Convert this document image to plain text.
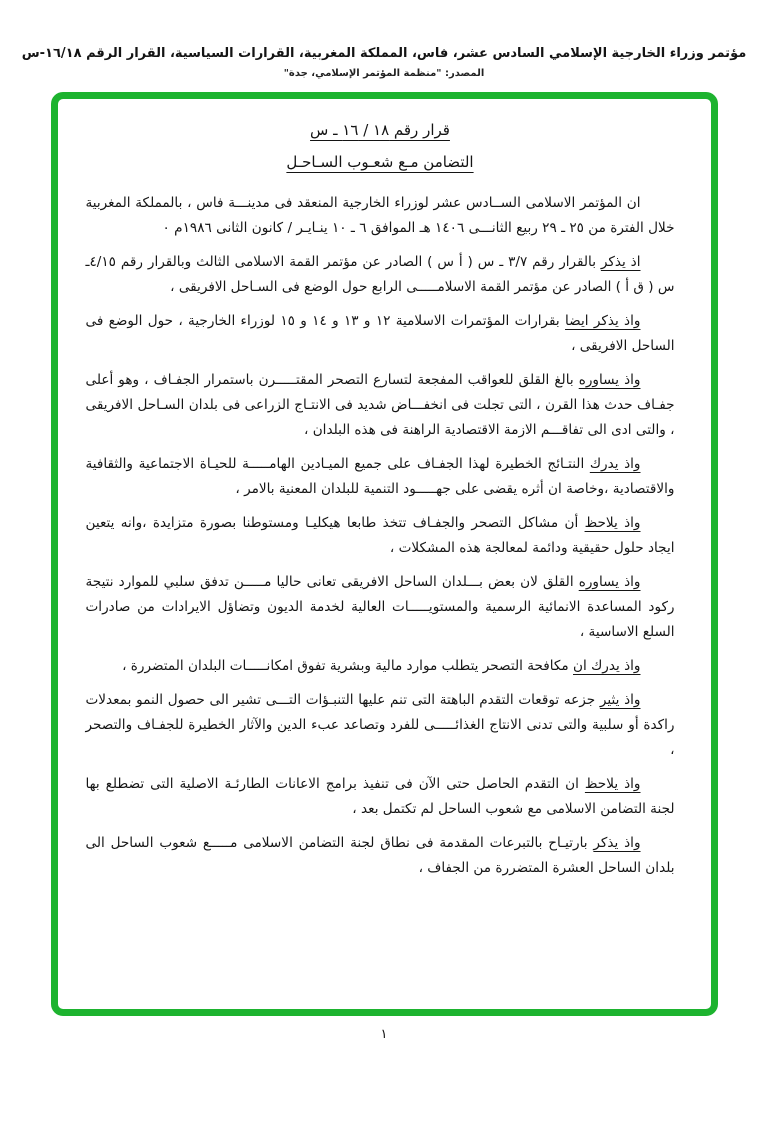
مؤتمر وزراء الخارجية الإسلامي السادس عشر، فاس، المملكة المغربية، القرارات السياسية، القرار الرقم ١٦/١٨-س
المصدر: "منظمة المؤتمر الإسلامي، جدة"
قرار رقم ١٨ / ١٦ ـ س
التضامن مـع شعـوب السـاحـل

ان المؤتمر الاسلامى الســادس عشر لوزراء الخارجية المنعقد فى مدينـــة فاس ، بالمملكة المغربية خلال الفترة من ٢٥ ـ ٢٩ ربيع الثانـــى ١٤٠٦ هـ الموافق ٦ ـ ١٠ ينـايـر / كانون الثانى ١٩٨٦م ٠

اذ يذكر بالقرار رقم ٣/٧ ـ س ( أ س ) الصادر عن مؤتمر القمة الاسلامى الثالث وبالقرار رقم ٤/١٥ـ س ( ق أ ) الصادر عن مؤتمر القمة الاسلامـــــى الرابع حول الوضع فى السـاحل الافريقى ،

واذ يذكر ايضا بقرارات المؤتمرات الاسلامية ١٢ و ١٣ و ١٤ و ١٥ لوزراء الخارجية ، حول الوضع فى الساحل الافريقى ،

واذ يساوره بالغ القلق للعواقب المفجعة لتسارع التصحر المقتـــــرن باستمرار الجفـاف ، وهو أعلى جفـاف حدث هذا القرن ، التى تجلت فى انخفـــاض شديد فى الانتـاج الزراعى فى بلدان السـاحل الافريقى ، والتى ادى الى تفاقـــم الازمة الاقتصادية الراهنة فى هذه البلدان ،

واذ يدرك النتـائج الخطيرة لهذا الجفـاف على جميع الميـادين الهامـــــة للحيـاة الاجتماعية والثقافية والاقتصادية ،وخاصة ان أثره يقضى على جهـــــود التنمية للبلدان المعنية بالامر ،

واذ يلاحظ أن مشاكل التصحر والجفـاف تتخذ طابعا هيكليـا ومستوطنا بصورة متزايدة ،وانه يتعين ايجاد حلول حقيقية ودائمة لمعالجة هذه المشكلات ،

واذ يساوره القلق لان بعض بـــلدان الساحل الافريقى تعانى حاليا مـــــن تدفق سلبي للموارد نتيجة ركود المساعدة الانمائية الرسمية والمستويـــــات العالية لخدمة الديون وتضاؤل الايرادات من صادرات السلع الاساسية ،

واذ يدرك ان مكافحة التصحر يتطلب موارد مالية وبشرية تفوق امكانـــــات البلدان المتضررة ،

واذ يثير جزعه توقعات التقدم الباهتة التى تنم عليها التنبـؤات التـــى تشير الى حصول النمو بمعدلات راكدة أو سلبية والتى تدنى الانتاج الغذائـــــى للفرد وتصاعد عبء الدين والآثار الخطيرة للجفـاف والتصحر ،

واذ يلاحظ ان التقدم الحاصل حتى الآن فى تنفيذ برامج الاعانات الطارئـة الاصلية التى تضطلع بها لجنة التضامن الاسلامى مع شعوب الساحل لم تكتمل بعد ،

واذ يذكر بارتيـاح بالتبرعات المقدمة فى نطاق لجنة التضامن الاسلامى مـــــع شعوب الساحل الى بلدان الساحل العشرة المتضررة من الجفاف ،

١
